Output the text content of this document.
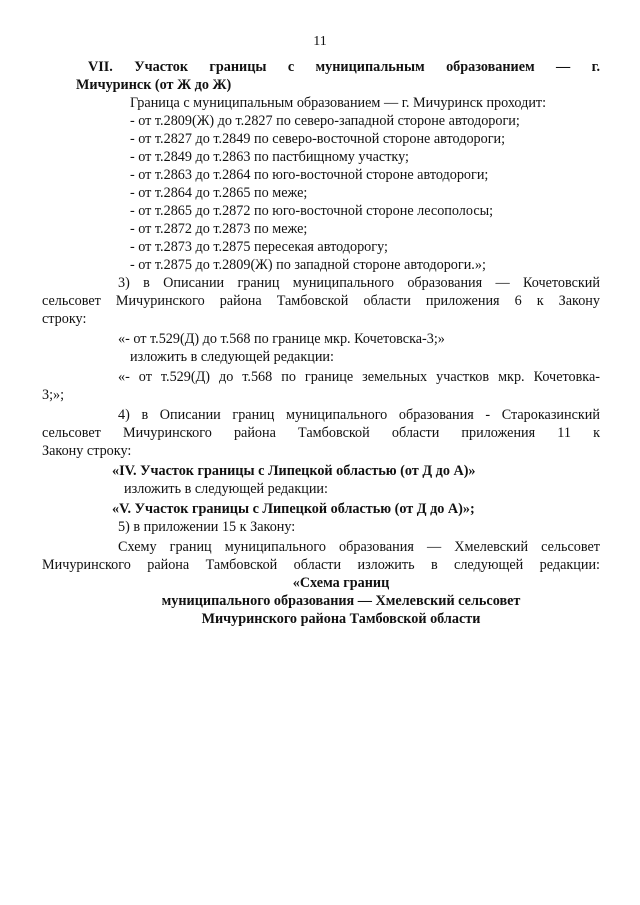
11
VII. Участок границы с муниципальным образованием — г.
Мичуринск (от Ж до Ж)
Граница с муниципальным образованием — г. Мичуринск проходит:
- от т.2809(Ж) до т.2827 по северо-западной стороне автодороги;
- от т.2827 до т.2849 по северо-восточной стороне автодороги;
- от т.2849 до т.2863 по пастбищному участку;
- от т.2863 до т.2864 по юго-восточной стороне автодороги;
- от т.2864 до т.2865 по меже;
- от т.2865 до т.2872 по юго-восточной стороне лесополосы;
- от т.2872 до т.2873 по меже;
- от т.2873 до т.2875 пересекая автодорогу;
- от т.2875 до т.2809(Ж) по западной стороне автодороги.»;
3) в Описании границ муниципального образования — Кочетовский
сельсовет Мичуринского района Тамбовской области приложения 6 к Закону
строку:
«- от т.529(Д) до т.568 по границе мкр. Кочетовска-3;»
изложить в следующей редакции:
«- от т.529(Д) до т.568 по границе земельных участков мкр. Кочетовка-
3;»;
4) в Описании границ муниципального образования - Староказинский
сельсовет Мичуринского района Тамбовской области приложения 11 к
Закону строку:
«IV. Участок границы с Липецкой областью (от Д до А)»
изложить в следующей редакции:
«V. Участок границы с Липецкой областью (от Д до А)»;
5) в приложении 15 к Закону:
Схему границ муниципального образования — Хмелевский сельсовет
Мичуринского района Тамбовской области изложить в следующей редакции:
«Схема границ
муниципального образования — Хмелевский сельсовет
Мичуринского района Тамбовской области
